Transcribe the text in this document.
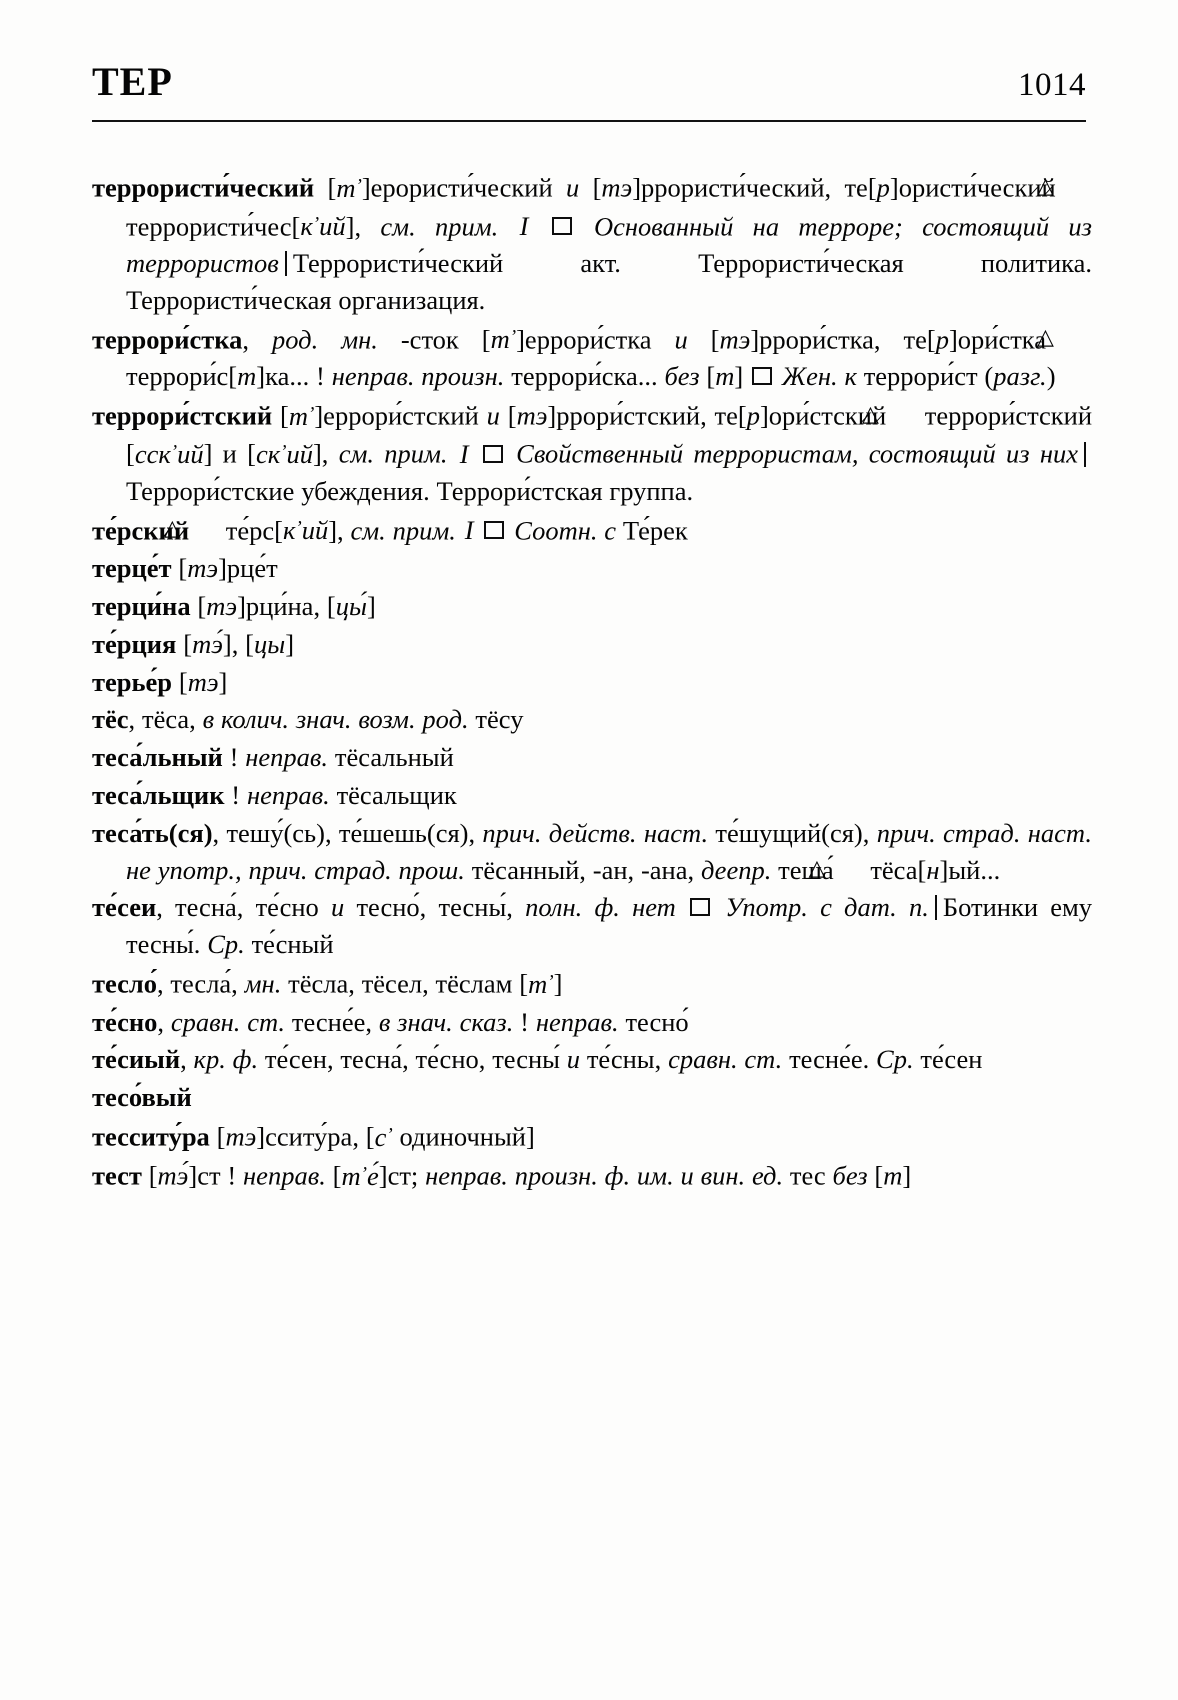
ТЕР	1014

террористи́ческий $[т^ʼ]ерористи́ческий$ и [тэ]ррористи́ческий, те[р]ористи́ческий △ $террористи́чес[к^ʼий]$, см. прим. I Основанный на терроре; состоящий из террористов Террористи́ческий акт. Террористи́ческая политика. Террористи́ческая организация.

террори́стка, род. мн. -сток $[т^ʼ]еррори́стка$ и [тэ]ррори́стка, те[р]ори́стка △ террори́с[т]ка... ! неправ. произн. террори́ска... без [т]  Жен. к террори́ст (разг.)

террори́стский $[т^ʼ]еррори́стский$ и [тэ]ррори́стский, те[р]ори́стский △ террори́стский [сск$^ʼ$ий] и $[ск^ʼий]$, см. прим. I Свойственный террористам, состоящий из нихТеррори́стские убеждения. Террори́стская группа.

те́рский △ $те́рс[к^ʼий]$, см. прим. I Соотн. с Те́рек

терце́т [тэ]рце́т

терци́на [тэ]рци́на, [цы́]

те́рция [тэ́], [цы]

терье́р [тэ]

тёс, тёса, в колич. знач. возм. род. тёсу

теса́льный ! неправ. тёсальный

теса́льщик ! неправ. тёсальщик

теса́ть(ся), тешу́(сь), те́шешь(ся), прич. действ. наст. те́шущий(ся), прич. страд. наст. не употр., прич. страд. прош. тёсанный, -ан, -ана, деепр. теша́ △ тёса[н]ый...

те́сеи, тесна́, те́сно и тесно́, тесны́, полн. ф. нет Употр. с дат. п. Ботинки ему тесны́. Ср. те́сный

тесло́, тесла́, мн. тёсла, тёсел, тёслам $[т^ʼ]$

те́сно, сравн. ст. тесне́е, в знач. сказ. ! неправ. тесно́

те́сиый, кр. ф. те́сен, тесна́, те́сно, тесны́ и те́сны, сравн. ст. тесне́е. Ср. те́сен

тесо́вый

тесситу́ра [тэ]сситу́ра, [$с^ʼ$ одиночный]

тест [тэ́]ст ! неправ. $[т^ʼе́]ст$; неправ. произн. ф. им. и вин. ед. тес без [т]
